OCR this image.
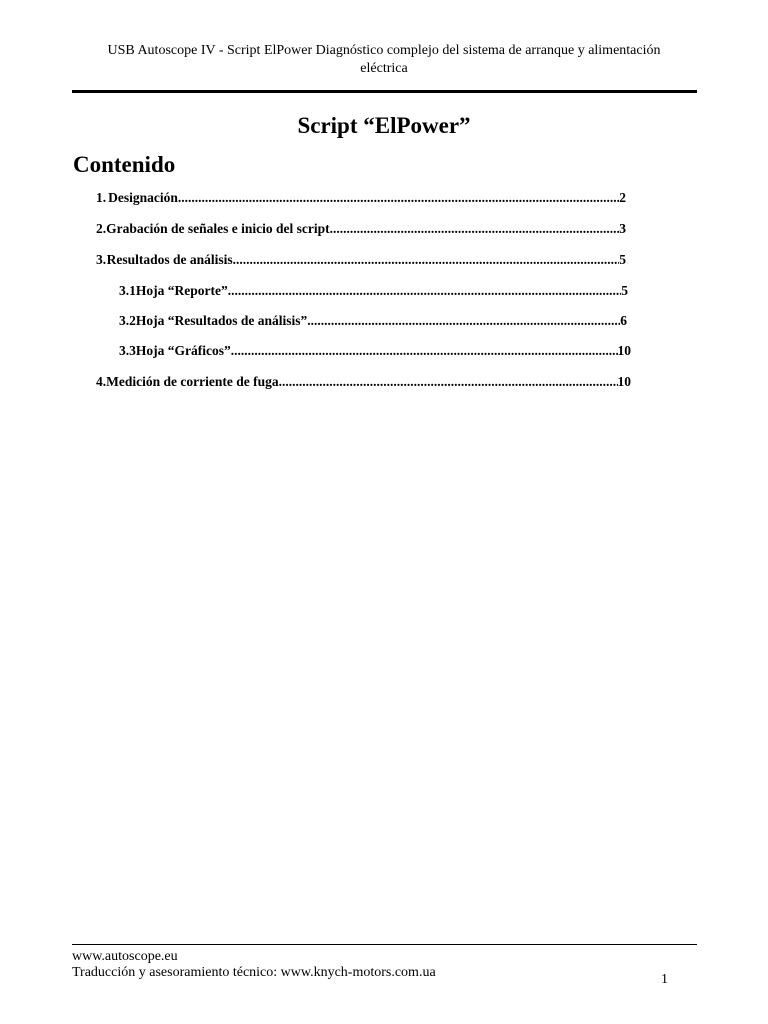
USB Autoscope IV - Script ElPower Diagnóstico complejo del sistema de arranque y alimentación
eléctrica
Script “ElPower”
Contenido
1. Designación .....	2
2. Grabación de señales e inicio del script .....	3
3. Resultados de análisis .....	5
3.1 Hoja “Reporte” .....	5
3.2 Hoja “Resultados de análisis” .....	6
3.3 Hoja “Gráficos” .....	10
4. Medición de corriente de fuga .....	10
www.autoscope.eu
Traducción y asesoramiento técnico: www.knych-motors.com.ua	1
